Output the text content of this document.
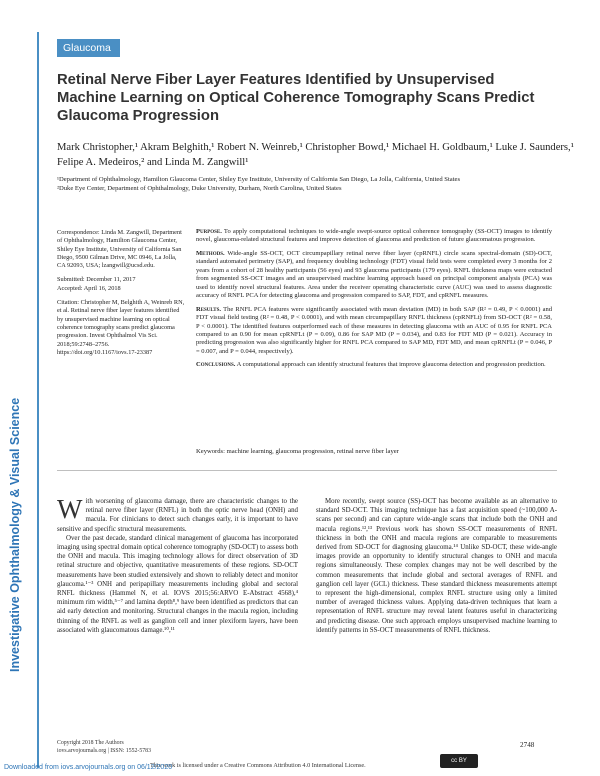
Investigative Ophthalmology & Visual Science
Glaucoma
Retinal Nerve Fiber Layer Features Identified by Unsupervised Machine Learning on Optical Coherence Tomography Scans Predict Glaucoma Progression
Mark Christopher,¹ Akram Belghith,¹ Robert N. Weinreb,¹ Christopher Bowd,¹ Michael H. Goldbaum,¹ Luke J. Saunders,¹ Felipe A. Medeiros,² and Linda M. Zangwill¹
¹Department of Ophthalmology, Hamilton Glaucoma Center, Shiley Eye Institute, University of California San Diego, La Jolla, California, United States
²Duke Eye Center, Department of Ophthalmology, Duke University, Durham, North Carolina, United States

Correspondence: Linda M. Zangwill, Department of Ophthalmology, Hamilton Glaucoma Center, Shiley Eye Institute, University of California San Diego, 9500 Gilman Drive, MC 0946, La Jolla, CA 92093, USA; lzangwill@ucsd.edu.

Submitted: December 11, 2017

Accepted: April 16, 2018

Citation: Christopher M, Belghith A, Weinreb RN, et al. Retinal nerve fiber layer features identified by unsupervised machine learning on optical coherence tomography scans predict glaucoma progression. Invest Ophthalmol Vis Sci. 2018;59:2748–2756. https://doi.org/10.1167/iovs.17-23387

Purpose. To apply computational techniques to wide-angle swept-source optical coherence tomography (SS-OCT) images to identify novel, glaucoma-related structural features and improve detection of glaucoma and prediction of future glaucomatous progression.

Methods. Wide-angle SS-OCT, OCT circumpapillary retinal nerve fiber layer (cpRNFL) circle scans spectral-domain (SD)-OCT, standard automated perimetry (SAP), and frequency doubling technology (FDT) visual field tests were completed every 3 months for 2 years from a cohort of 28 healthy participants (56 eyes) and 93 glaucoma participants (179 eyes). RNFL thickness maps were extracted from segmented SS-OCT images and an unsupervised machine learning approach based on principal component analysis (PCA) was used to identify novel structural features. Area under the receiver operating characteristic curve (AUC) was used to assess diagnostic accuracy of RNFL PCA for detecting glaucoma and progression compared to SAP, FDT, and cpRNFL measures.

Results. The RNFL PCA features were significantly associated with mean deviation (MD) in both SAP (R² = 0.49, P < 0.0001) and FDT visual field testing (R² = 0.48, P < 0.0001), and with mean circumpapillary RNFL thickness (cpRNFLt) from SD-OCT (R² = 0.58, P < 0.0001). The identified features outperformed each of these measures in detecting glaucoma with an AUC of 0.95 for RNFL PCA compared to an 0.90 for mean cpRNFLt (P = 0.09), 0.86 for SAP MD (P = 0.034), and 0.83 for FDT MD (P = 0.021). Accuracy in predicting progression was also significantly higher for RNFL PCA compared to SAP MD, FDT MD, and mean cpRNFLt (P = 0.046, P = 0.007, and P = 0.044, respectively).

Conclusions. A computational approach can identify structural features that improve glaucoma detection and progression prediction.

Keywords: machine learning, glaucoma progression, retinal nerve fiber layer

With worsening of glaucoma damage, there are characteristic changes to the retinal nerve fiber layer (RNFL) in both the optic nerve head (ONH) and macula. For clinicians to detect such changes early, it is important to have sensitive and specific structural measurements.

Over the past decade, standard clinical management of glaucoma has incorporated imaging using spectral domain optical coherence tomography (SD-OCT) to assess both the ONH and macula. This imaging technology allows for direct observation of 3D retinal structure and objective, quantitative measurements of these regions. SD-OCT measurements have been studied extensively and shown to reliably detect and monitor glaucoma.¹⁻³ ONH and peripapillary measurements including global and sectoral RNFL thickness (Hammel N, et al. IOVS 2015;56:ARVO E-Abstract 4568),⁴ minimum rim width,⁵⁻⁷ and lamina depth⁸,⁹ have been identified as predictors that can aid early detection and monitoring. Structural changes in the macula region, including thinning of the RNFL as well as ganglion cell and inner plexiform layers, have been associated with glaucomatous damage.¹⁰,¹¹

More recently, swept source (SS)-OCT has become available as an alternative to standard SD-OCT. This imaging technique has a fast acquisition speed (~100,000 A-scans per second) and can capture wide-angle scans that include both the ONH and macula regions.¹²,¹³ Previous work has shown SS-OCT measurements of RNFL thickness in both the ONH and macula regions are comparable to measurements derived from SD-OCT for diagnosing glaucoma.¹⁴ Unlike SD-OCT, these wide-angle images provide an opportunity to identify structural changes to ONH and macula regions simultaneously. These complex changes may not be well described by the common measurements that include global and sectoral averages of RNFL and ganglion cell layer (GCL) thickness. These standard thickness measurements attempt to represent the high-dimensional, complex RNFL structure using only a limited number of averaged thickness values. Applying data-driven techniques that learn a representation of RNFL structure may reveal latent features useful in characterizing and predicting disease. One such approach employs unsupervised machine learning to identify patterns in SS-OCT measurements of RNFL thickness.

Copyright 2018 The Authors
iovs.arvojournals.org | ISSN: 1552-5783
2748
This work is licensed under a Creative Commons Attribution 4.0 International License.
cc BY
Downloaded from iovs.arvojournals.org on 06/12/2020
